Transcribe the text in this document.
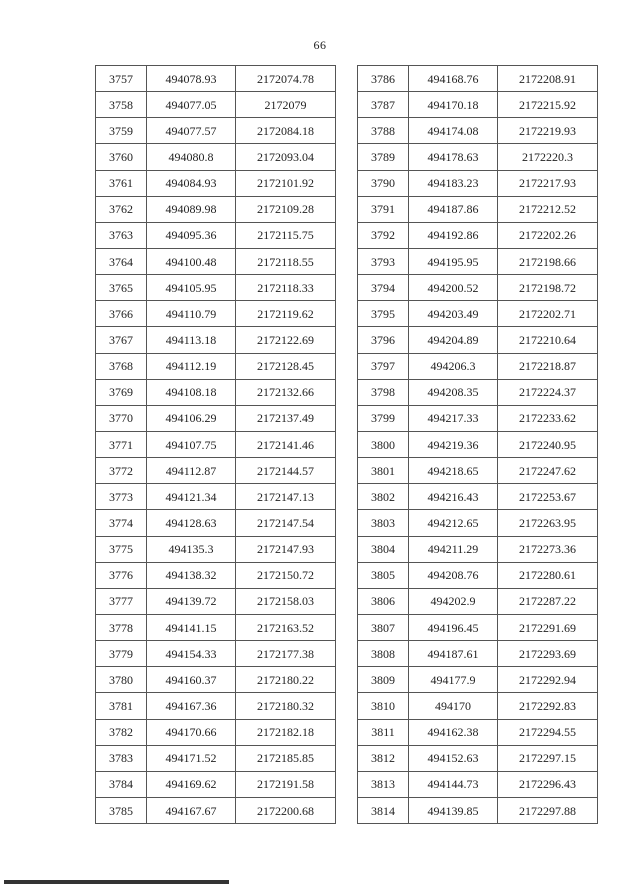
66
3757	494078.93	2172074.78
3758	494077.05	2172079
3759	494077.57	2172084.18
3760	494080.8	2172093.04
3761	494084.93	2172101.92
3762	494089.98	2172109.28
3763	494095.36	2172115.75
3764	494100.48	2172118.55
3765	494105.95	2172118.33
3766	494110.79	2172119.62
3767	494113.18	2172122.69
3768	494112.19	2172128.45
3769	494108.18	2172132.66
3770	494106.29	2172137.49
3771	494107.75	2172141.46
3772	494112.87	2172144.57
3773	494121.34	2172147.13
3774	494128.63	2172147.54
3775	494135.3	2172147.93
3776	494138.32	2172150.72
3777	494139.72	2172158.03
3778	494141.15	2172163.52
3779	494154.33	2172177.38
3780	494160.37	2172180.22
3781	494167.36	2172180.32
3782	494170.66	2172182.18
3783	494171.52	2172185.85
3784	494169.62	2172191.58
3785	494167.67	2172200.68
3786	494168.76	2172208.91
3787	494170.18	2172215.92
3788	494174.08	2172219.93
3789	494178.63	2172220.3
3790	494183.23	2172217.93
3791	494187.86	2172212.52
3792	494192.86	2172202.26
3793	494195.95	2172198.66
3794	494200.52	2172198.72
3795	494203.49	2172202.71
3796	494204.89	2172210.64
3797	494206.3	2172218.87
3798	494208.35	2172224.37
3799	494217.33	2172233.62
3800	494219.36	2172240.95
3801	494218.65	2172247.62
3802	494216.43	2172253.67
3803	494212.65	2172263.95
3804	494211.29	2172273.36
3805	494208.76	2172280.61
3806	494202.9	2172287.22
3807	494196.45	2172291.69
3808	494187.61	2172293.69
3809	494177.9	2172292.94
3810	494170	2172292.83
3811	494162.38	2172294.55
3812	494152.63	2172297.15
3813	494144.73	2172296.43
3814	494139.85	2172297.88
